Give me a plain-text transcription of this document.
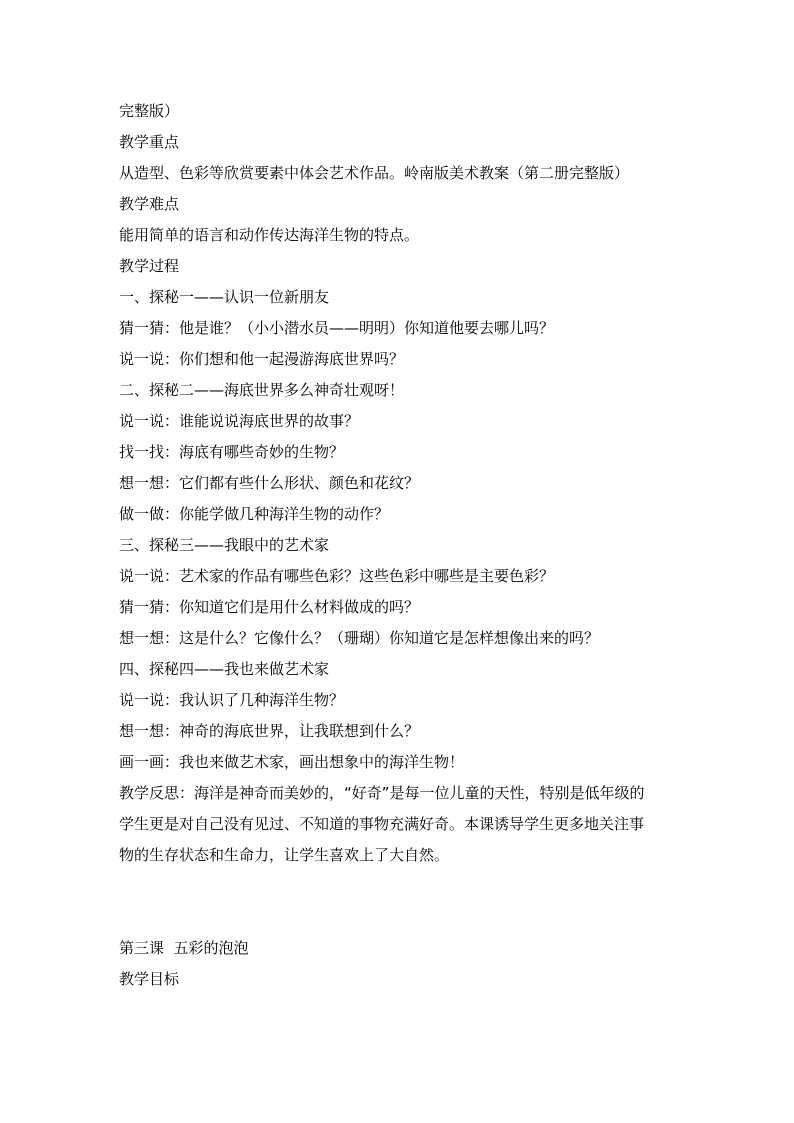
完整版）
教学重点
从造型、色彩等欣赏要素中体会艺术作品。岭南版美术教案（第二册完整版）
教学难点
能用简单的语言和动作传达海洋生物的特点。
教学过程
一、探秘一——认识一位新朋友
猜一猜：他是谁？（小小潜水员——明明）你知道他要去哪儿吗？
说一说：你们想和他一起漫游海底世界吗？
二、探秘二——海底世界多么神奇壮观呀！
说一说：谁能说说海底世界的故事？
找一找：海底有哪些奇妙的生物？
想一想：它们都有些什么形状、颜色和花纹？
做一做：你能学做几种海洋生物的动作？
三、探秘三——我眼中的艺术家
说一说：艺术家的作品有哪些色彩？这些色彩中哪些是主要色彩？
猜一猜：你知道它们是用什么材料做成的吗？
想一想：这是什么？它像什么？（珊瑚）你知道它是怎样想像出来的吗？
四、探秘四——我也来做艺术家
说一说：我认识了几种海洋生物？
想一想：神奇的海底世界，让我联想到什么？
画一画：我也来做艺术家，画出想象中的海洋生物！
教学反思：海洋是神奇而美妙的，“好奇”是每一位儿童的天性，特别是低年级的
学生更是对自己没有见过、不知道的事物充满好奇。本课诱导学生更多地关注事
物的生存状态和生命力，让学生喜欢上了大自然。
第三课  五彩的泡泡
教学目标
